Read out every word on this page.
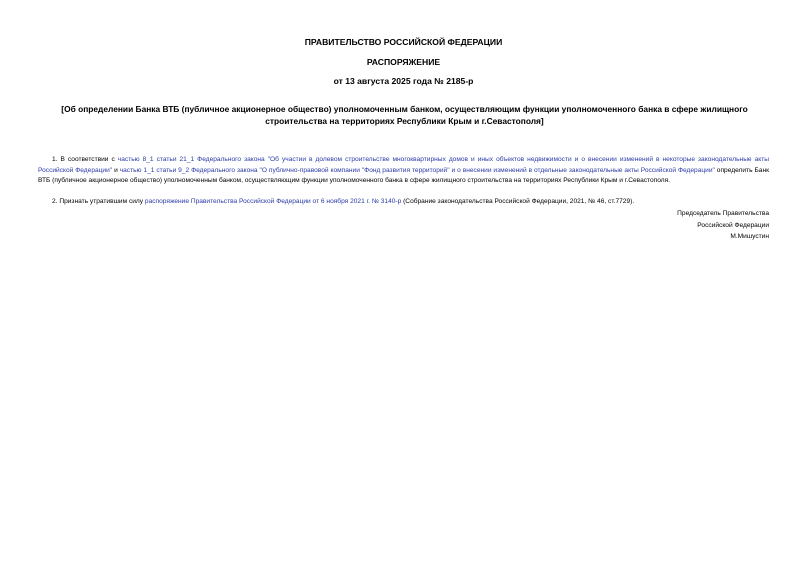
ПРАВИТЕЛЬСТВО РОССИЙСКОЙ ФЕДЕРАЦИИ
РАСПОРЯЖЕНИЕ
от 13 августа 2025 года № 2185-р
[Об определении Банка ВТБ (публичное акционерное общество) уполномоченным банком, осуществляющим функции уполномоченного банка в сфере жилищного строительства на территориях Республики Крым и г.Севастополя]
1. В соответствии с частью 8_1 статьи 21_1 Федерального закона "Об участии в долевом строительстве многоквартирных домов и иных объектов недвижимости и о внесении изменений в некоторые законодательные акты Российской Федерации" и частью 1_1 статьи 9_2 Федерального закона "О публично-правовой компании "Фонд развития территорий" и о внесении изменений в отдельные законодательные акты Российской Федерации" определить Банк ВТБ (публичное акционерное общество) уполномоченным банком, осуществляющим функции уполномоченного банка в сфере жилищного строительства на территориях Республики Крым и г.Севастополя.
2. Признать утратившим силу распоряжение Правительства Российской Федерации от 6 ноября 2021 г. № 3140-р (Собрание законодательства Российской Федерации, 2021, № 46, ст.7729).
Председатель Правительства
Российской Федерации
М.Мишустин
